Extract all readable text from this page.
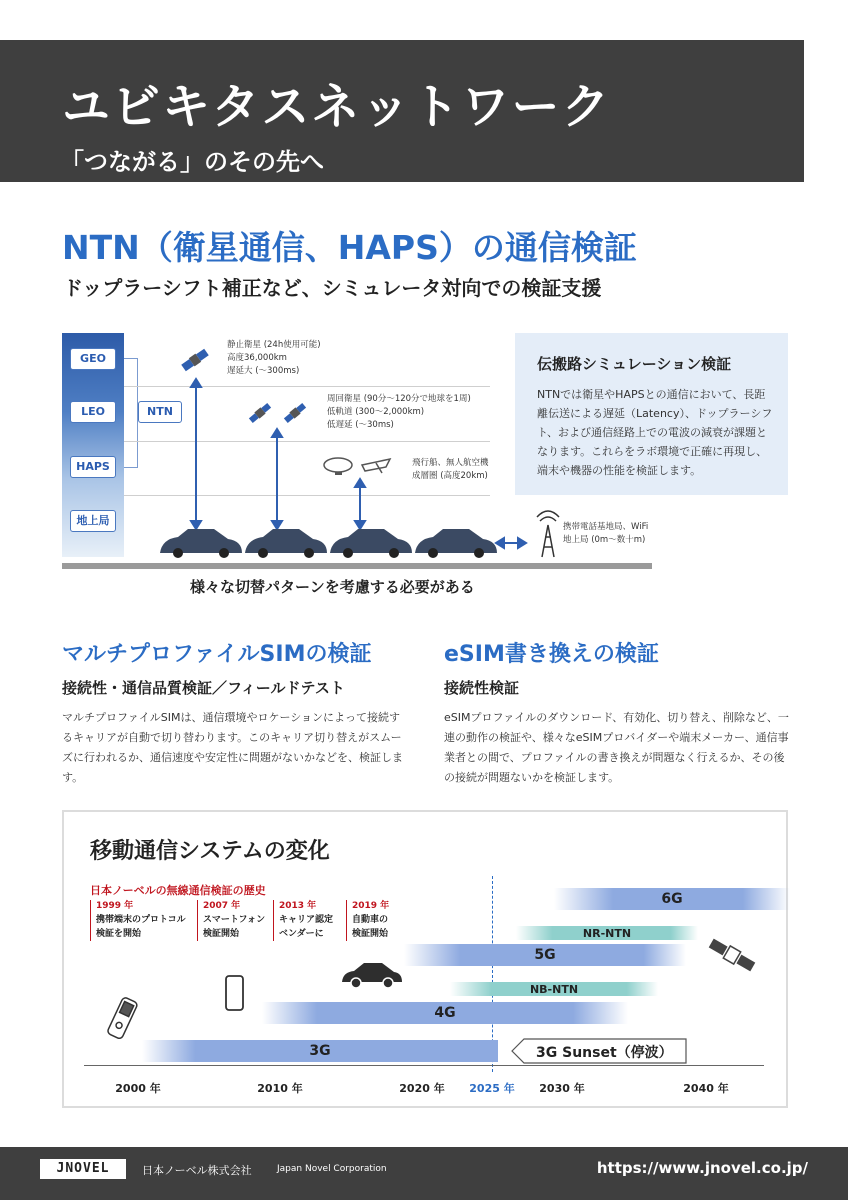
ユビキタスネットワーク
「つながる」のその先へ
NTN（衛星通信、HAPS）の通信検証
ドップラーシフト補正など、シミュレータ対向での検証支援
GEO
LEO
HAPS
地上局
NTN
静止衛星 (24h使用可能)
高度36,000km
遅延大 (〜300ms)
周回衛星 (90分〜120分で地球を1周)
低軌道 (300〜2,000km)
低遅延 (〜30ms)
飛行船、無人航空機
成層圏 (高度20km)
携帯電話基地局、WiFi
地上局 (0m〜数十m)
様々な切替パターンを考慮する必要がある
伝搬路シミュレーション検証

NTNでは衛星やHAPSとの通信において、長距離伝送による遅延（Latency）、ドップラーシフト、および通信経路上での電波の減衰が課題となります。これらをラボ環境で正確に再現し、端末や機器の性能を検証します。

マルチプロファイルSIMの検証
接続性・通信品質検証／フィールドテスト
マルチプロファイルSIMは、通信環境やロケーションによって接続するキャリアが自動で切り替わります。このキャリア切り替えがスムーズに行われるか、通信速度や安定性に問題がないかなどを、検証します。
eSIM書き換えの検証
接続性検証
eSIMプロファイルのダウンロード、有効化、切り替え、削除など、一連の動作の検証や、様々なeSIMプロバイダーや端末メーカー、通信事業者との間で、プロファイルの書き換えが問題なく行えるか、その後の接続が問題ないかを検証します。
移動通信システムの変化
日本ノーベルの無線通信検証の歴史
1999 年
携帯端末のプロトコル
検証を開始
2007 年
スマートフォン
検証開始
2013 年
キャリア認定
ベンダーに
2019 年
自動車の
検証開始
6G
NR-NTN
5G
NB-NTN
4G
3G	3G Sunset（停波）
2000 年	2010 年	2020 年 2025 年 2030 年	2040 年
JNOVEL	日本ノーベル株式会社	Japan Novel Corporation	https://www.jnovel.co.jp/
